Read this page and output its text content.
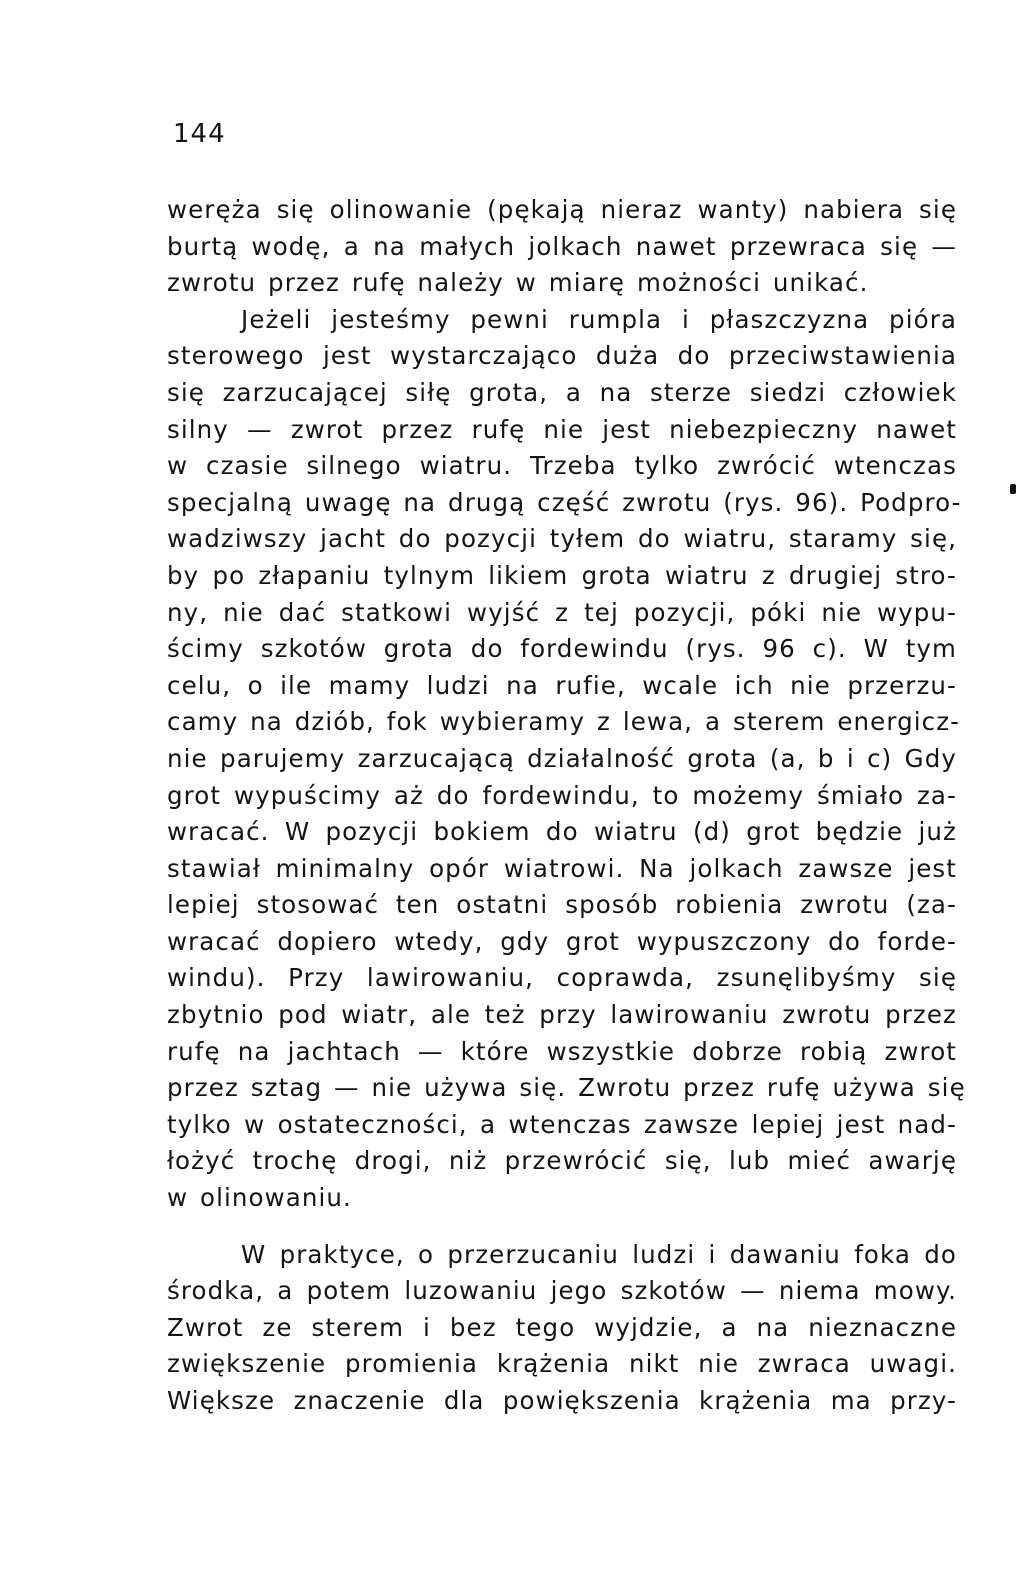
144
werężа się olinowanie (pękają nieraz wanty) nabiera się
burtą wodę, a na małych jolkach nawet przewraca się —
zwrotu przez rufę należy w miarę możności unikać.
Jeżeli jesteśmy pewni rumpla i płaszczyzna pióra
sterowego jest wystarczająco duża do przeciwstawienia
się zarzucającej siłę grota, a na sterze siedzi człowiek
silny — zwrot przez rufę nie jest niebezpieczny nawet
w czasie silnego wiatru. Trzeba tylko zwrócić wtenczas
specjalną uwagę na drugą część zwrotu (rys. 96). Podpro-
wadziwszy jacht do pozycji tyłem do wiatru, staramy się,
by po złapaniu tylnym likiem grota wiatru z drugiej stro-
ny, nie dać statkowi wyjść z tej pozycji, póki nie wypu-
ścimy szkotów grota do fordewindu (rys. 96 c). W tym
celu, o ile mamy ludzi na rufie, wcale ich nie przerzu-
camy na dziób, fok wybieramy z lewa, a sterem energicz-
nie parujemy zarzucającą działalność grota (a, b i c) Gdy
grot wypuścimy aż do fordewindu, to możemy śmiało za-
wracać. W pozycji bokiem do wiatru (d) grot będzie już
stawiał minimalny opór wiatrowi. Na jolkach zawsze jest
lepiej stosować ten ostatni sposób robienia zwrotu (za-
wracać dopiero wtedy, gdy grot wypuszczony do forde-
windu). Przy lawirowaniu, coprawda, zsunęlibyśmy się
zbytnio pod wiatr, ale też przy lawirowaniu zwrotu przez
rufę na jachtach — które wszystkie dobrze robią zwrot
przez sztag — nie używa się. Zwrotu przez rufę używa się
tylko w ostateczności, a wtenczas zawsze lepiej jest nad-
łożyć trochę drogi, niż przewrócić się, lub mieć awarję
w olinowaniu.
W praktyce, o przerzucaniu ludzi i dawaniu foka do
środka, a potem luzowaniu jego szkotów — niema mowy.
Zwrot ze sterem i bez tego wyjdzie, a na nieznaczne
zwiększenie promienia krążenia nikt nie zwraca uwagi.
Większe znaczenie dla powiększenia krążenia ma przy-
